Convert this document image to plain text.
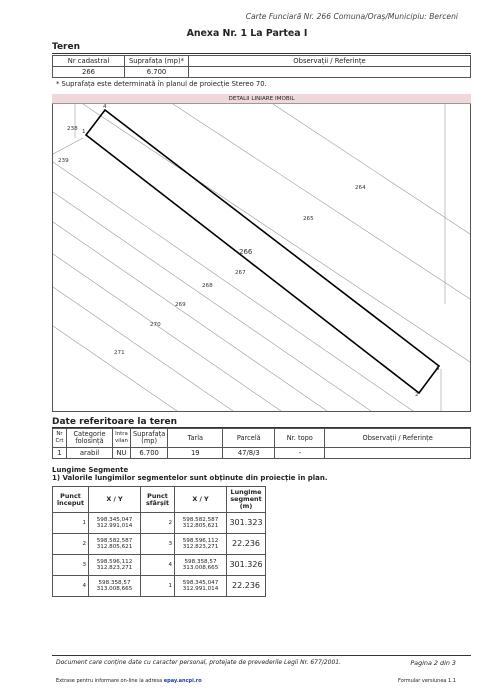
Carte Funciară Nr. 266 Comuna/Oraș/Municipiu: Berceni
Anexa Nr. 1 La Partea I
Teren
Nr cadastral	Suprafața (mp)*	Observații / Referințe
266	6.700	
* Suprafața este determinată în planul de proiecție Stereo 70.
DETALII LINIARE IMOBIL
266
238
239
264
265
267
268
269
270
271
1
2
3
4
Date referitoare la teren
Nr Crt	Categorie folosință	Intra vilan	Suprafața (mp)	Tarla	Parcelă	Nr. topo	Observații / Referințe
1	arabil	NU	6.700	19	47/8/3	-	
Lungime Segmente
1) Valorile lungimilor segmentelor sunt obținute din proiecție în plan.
Punct început	X / Y	Punct sfârșit	X / Y	Lungime segment (m)
1	598.345,047
312.991,014	2	598.582,587
312.805,621	301.323
2	598.582,587
312.805,621	3	598.596,112
312.823,271	22.236
3	598.596,112
312.823,271	4	598.358,57
313.008,665	301.326
4	598.358,57
313.008,665	1	598.345,047
312.991,014	22.236
Document care conține date cu caracter personal, protejate de prevederile Legii Nr. 677/2001.	Pagina 2 din 3
Extrase pentru informare on-line la adresa epay.ancpi.ro	Formular versiunea 1.1
